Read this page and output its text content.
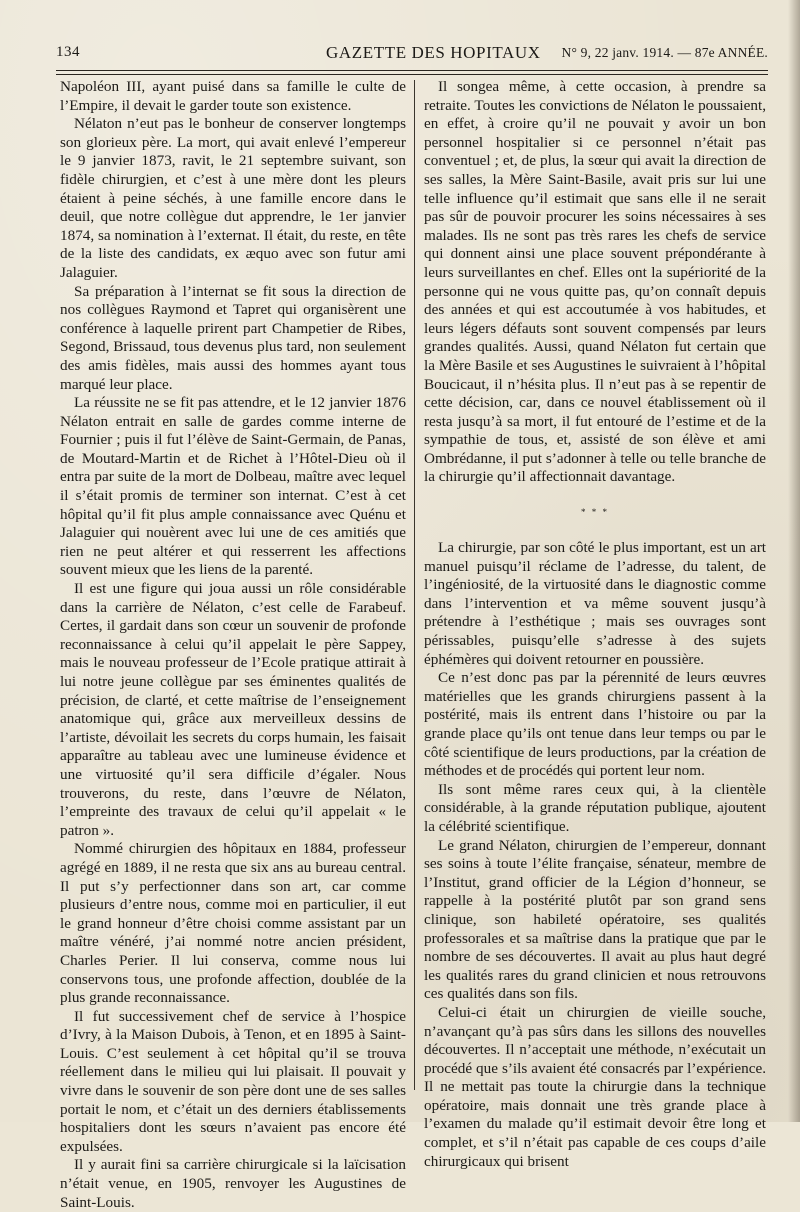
134	GAZETTE DES HOPITAUX N° 9, 22 janv. 1914. — 87e ANNÉE.

Napoléon III, ayant puisé dans sa famille le culte de l’Empire, il devait le garder toute son existence.

Nélaton n’eut pas le bonheur de conserver longtemps son glorieux père. La mort, qui avait enlevé l’empereur le 9 janvier 1873, ravit, le 21 septembre suivant, son fidèle chirurgien, et c’est à une mère dont les pleurs étaient à peine séchés, à une famille encore dans le deuil, que notre collègue dut apprendre, le 1er janvier 1874, sa nomination à l’externat. Il était, du reste, en tête de la liste des candidats, ex æquo avec son futur ami Jalaguier.

Sa préparation à l’internat se fit sous la direction de nos collègues Raymond et Tapret qui organisèrent une conférence à laquelle prirent part Champetier de Ribes, Segond, Brissaud, tous devenus plus tard, non seulement des amis fidèles, mais aussi des hommes ayant tous marqué leur place.

La réussite ne se fit pas attendre, et le 12 janvier 1876 Nélaton entrait en salle de gardes comme interne de Fournier ; puis il fut l’élève de Saint-Germain, de Panas, de Moutard-Martin et de Richet à l’Hôtel-Dieu où il entra par suite de la mort de Dolbeau, maître avec lequel il s’était promis de terminer son internat. C’est à cet hôpital qu’il fit plus ample connaissance avec Quénu et Jalaguier qui nouèrent avec lui une de ces amitiés que rien ne peut altérer et qui resserrent les affections souvent mieux que les liens de la parenté.

Il est une figure qui joua aussi un rôle considérable dans la carrière de Nélaton, c’est celle de Farabeuf. Certes, il gardait dans son cœur un souvenir de profonde reconnaissance à celui qu’il appelait le père Sappey, mais le nouveau professeur de l’Ecole pratique attirait à lui notre jeune collègue par ses éminentes qualités de précision, de clarté, et cette maîtrise de l’enseignement anatomique qui, grâce aux merveilleux dessins de l’artiste, dévoilait les secrets du corps humain, les faisait apparaître au tableau avec une lumineuse évidence et une virtuosité qu’il sera difficile d’égaler. Nous trouverons, du reste, dans l’œuvre de Nélaton, l’empreinte des travaux de celui qu’il appelait « le patron ».

Nommé chirurgien des hôpitaux en 1884, professeur agrégé en 1889, il ne resta que six ans au bureau central. Il put s’y perfectionner dans son art, car comme plusieurs d’entre nous, comme moi en particulier, il eut le grand honneur d’être choisi comme assistant par un maître vénéré, j’ai nommé notre ancien président, Charles Perier. Il lui conserva, comme nous lui conservons tous, une profonde affection, doublée de la plus grande reconnaissance.

Il fut successivement chef de service à l’hospice d’Ivry, à la Maison Dubois, à Tenon, et en 1895 à Saint-Louis. C’est seulement à cet hôpital qu’il se trouva réellement dans le milieu qui lui plaisait. Il pouvait y vivre dans le souvenir de son père dont une de ses salles portait le nom, et c’était un des derniers établissements hospitaliers dont les sœurs n’avaient pas encore été expulsées.

Il y aurait fini sa carrière chirurgicale si la laïcisation n’était venue, en 1905, renvoyer les Augustines de Saint-Louis.

Il songea même, à cette occasion, à prendre sa retraite. Toutes les convictions de Nélaton le poussaient, en effet, à croire qu’il ne pouvait y avoir un bon personnel hospitalier si ce personnel n’était pas conventuel ; et, de plus, la sœur qui avait la direction de ses salles, la Mère Saint-Basile, avait pris sur lui une telle influence qu’il estimait que sans elle il ne serait pas sûr de pouvoir procurer les soins nécessaires à ses malades. Ils ne sont pas très rares les chefs de service qui donnent ainsi une place souvent prépondérante à leurs surveillantes en chef. Elles ont la supériorité de la personne qui ne vous quitte pas, qu’on connaît depuis des années et qui est accoutumée à vos habitudes, et leurs légers défauts sont souvent compensés par leurs grandes qualités. Aussi, quand Nélaton fut certain que la Mère Basile et ses Augustines le suivraient à l’hôpital Boucicaut, il n’hésita plus. Il n’eut pas à se repentir de cette décision, car, dans ce nouvel établissement où il resta jusqu’à sa mort, il fut entouré de l’estime et de la sympathie de tous, et, assisté de son élève et ami Ombrédanne, il put s’adonner à telle ou telle branche de la chirurgie qu’il affectionnait davantage.

* * *

La chirurgie, par son côté le plus important, est un art manuel puisqu’il réclame de l’adresse, du talent, de l’ingéniosité, de la virtuosité dans le diagnostic comme dans l’intervention et va même souvent jusqu’à prétendre à l’esthétique ; mais ses ouvrages sont périssables, puisqu’elle s’adresse à des sujets éphémères qui doivent retourner en poussière.

Ce n’est donc pas par la pérennité de leurs œuvres matérielles que les grands chirurgiens passent à la postérité, mais ils entrent dans l’histoire ou par la grande place qu’ils ont tenue dans leur temps ou par le côté scientifique de leurs productions, par la création de méthodes et de procédés qui portent leur nom.

Ils sont même rares ceux qui, à la clientèle considérable, à la grande réputation publique, ajoutent la célébrité scientifique.

Le grand Nélaton, chirurgien de l’empereur, donnant ses soins à toute l’élite française, sénateur, membre de l’Institut, grand officier de la Légion d’honneur, se rappelle à la postérité plutôt par son grand sens clinique, son habileté opératoire, ses qualités professorales et sa maîtrise dans la pratique que par le nombre de ses découvertes. Il avait au plus haut degré les qualités rares du grand clinicien et nous retrouvons ces qualités dans son fils.

Celui-ci était un chirurgien de vieille souche, n’avançant qu’à pas sûrs dans les sillons des nouvelles découvertes. Il n’acceptait une méthode, n’exécutait un procédé que s’ils avaient été consacrés par l’expérience. Il ne mettait pas toute la chirurgie dans la technique opératoire, mais donnait une très grande place à l’examen du malade qu’il estimait devoir être long et complet, et s’il n’était pas capable de ces coups d’aile chirurgicaux qui brisent
